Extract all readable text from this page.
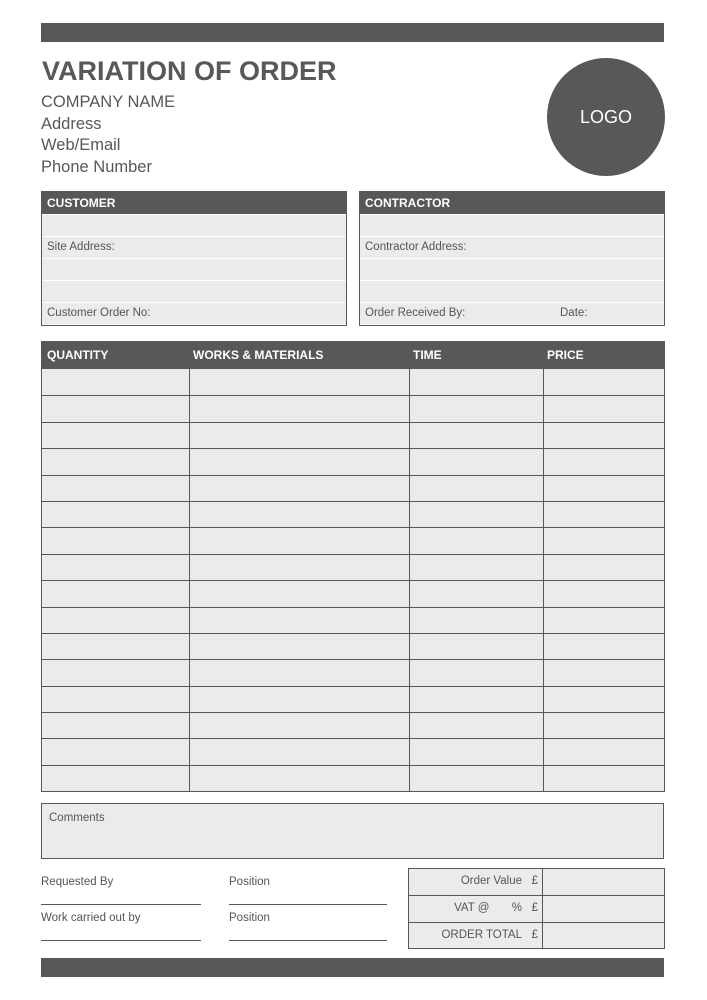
VARIATION OF ORDER
COMPANY NAME
Address
Web/Email
Phone Number
LOGO
CUSTOMER
Site Address:
Customer Order No:
CONTRACTOR
Contractor Address:
Order Received By:	Date:
QUANTITY	WORKS & MATERIALS	TIME	PRICE
Comments
Requested By	Position
Work carried out by	Position
Order Value £
VAT @ % £
ORDER TOTAL £
